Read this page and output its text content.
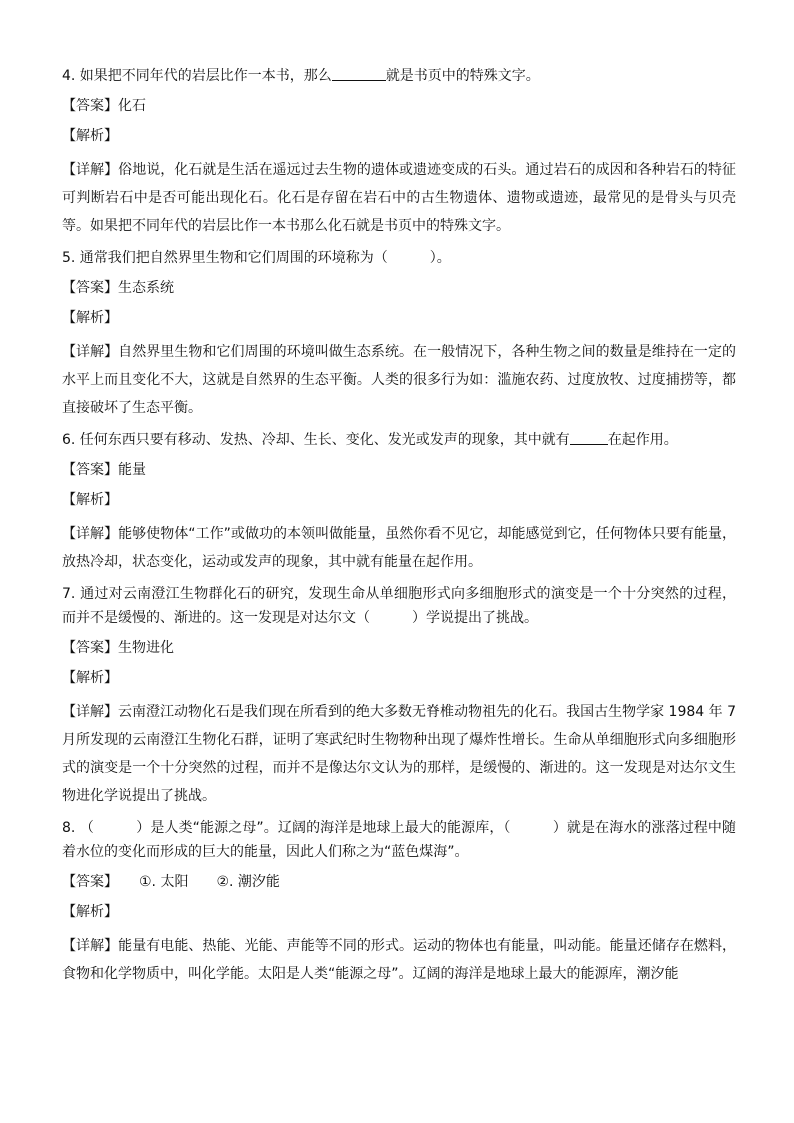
4. 如果把不同年代的岩层比作一本书，那么	就是书页中的特殊文字。

【答案】化石

【解析】

【详解】俗地说，化石就是生活在遥远过去生物的遗体或遗迹变成的石头。通过岩石的成因和各种岩石的特征可判断岩石中是否可能出现化石。化石是存留在岩石中的古生物遗体、遗物或遗迹，最常见的是骨头与贝壳等。如果把不同年代的岩层比作一本书那么化石就是书页中的特殊文字。

5. 通常我们把自然界里生物和它们周围的环境称为（　　　）。

【答案】生态系统

【解析】

【详解】自然界里生物和它们周围的环境叫做生态系统。在一般情况下，各种生物之间的数量是维持在一定的水平上而且变化不大，这就是自然界的生态平衡。人类的很多行为如：滥施农药、过度放牧、过度捕捞等，都直接破坏了生态平衡。

6. 任何东西只要有移动、发热、冷却、生长、变化、发光或发声的现象，其中就有	在起作用。

【答案】能量

【解析】

【详解】能够使物体“工作”或做功的本领叫做能量，虽然你看不见它，却能感觉到它，任何物体只要有能量，放热冷却，状态变化，运动或发声的现象，其中就有能量在起作用。

7. 通过对云南澄江生物群化石的研究，发现生命从单细胞形式向多细胞形式的演变是一个十分突然的过程，而并不是缓慢的、渐进的。这一发现是对达尔文（　　　）学说提出了挑战。

【答案】生物进化

【解析】

【详解】云南澄江动物化石是我们现在所看到的绝大多数无脊椎动物祖先的化石。我国古生物学家 1984 年 7 月所发现的云南澄江生物化石群，证明了寒武纪时生物物种出现了爆炸性增长。生命从单细胞形式向多细胞形式的演变是一个十分突然的过程，而并不是像达尔文认为的那样，是缓慢的、渐进的。这一发现是对达尔文生物进化学说提出了挑战。

8. （　　　）是人类“能源之母”。辽阔的海洋是地球上最大的能源库，（　　　）就是在海水的涨落过程中随着水位的变化而形成的巨大的能量，因此人们称之为“蓝色煤海”。

【答案】　　①. 太阳　　②. 潮汐能

【解析】

【详解】能量有电能、热能、光能、声能等不同的形式。运动的物体也有能量，叫动能。能量还储存在燃料，食物和化学物质中，叫化学能。太阳是人类“能源之母”。辽阔的海洋是地球上最大的能源库，潮汐能
